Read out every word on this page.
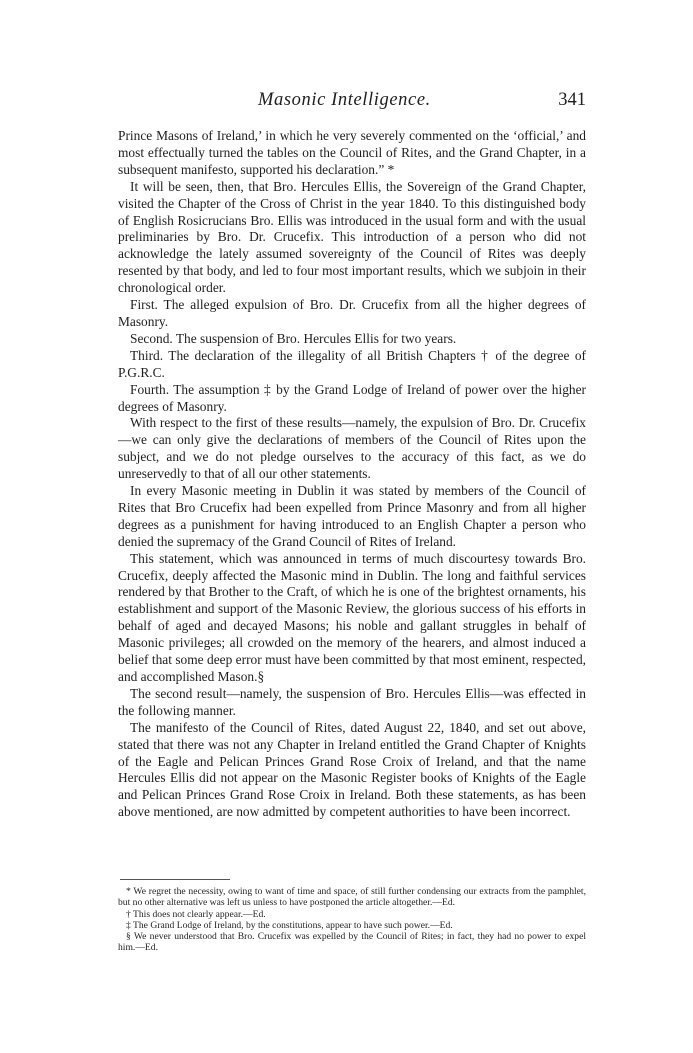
Masonic Intelligence.	341

Prince Masons of Ireland,’ in which he very severely commented on the ‘official,’ and most effectually turned the tables on the Council of Rites, and the Grand Chapter, in a subsequent manifesto, supported his declaration.” *

It will be seen, then, that Bro. Hercules Ellis, the Sovereign of the Grand Chapter, visited the Chapter of the Cross of Christ in the year 1840. To this distinguished body of English Rosicrucians Bro. Ellis was introduced in the usual form and with the usual preliminaries by Bro. Dr. Crucefix. This introduction of a person who did not acknowledge the lately assumed sovereignty of the Council of Rites was deeply resented by that body, and led to four most important results, which we subjoin in their chronological order.

First. The alleged expulsion of Bro. Dr. Crucefix from all the higher degrees of Masonry.

Second. The suspension of Bro. Hercules Ellis for two years.

Third. The declaration of the illegality of all British Chapters † of the degree of P.G.R.C.

Fourth. The assumption ‡ by the Grand Lodge of Ireland of power over the higher degrees of Masonry.

With respect to the first of these results—namely, the expulsion of Bro. Dr. Crucefix—we can only give the declarations of members of the Council of Rites upon the subject, and we do not pledge ourselves to the accuracy of this fact, as we do unreservedly to that of all our other statements.

In every Masonic meeting in Dublin it was stated by members of the Council of Rites that Bro Crucefix had been expelled from Prince Masonry and from all higher degrees as a punishment for having introduced to an English Chapter a person who denied the supremacy of the Grand Council of Rites of Ireland.

This statement, which was announced in terms of much discourtesy towards Bro. Crucefix, deeply affected the Masonic mind in Dublin. The long and faithful services rendered by that Brother to the Craft, of which he is one of the brightest ornaments, his establishment and support of the Masonic Review, the glorious success of his efforts in behalf of aged and decayed Masons; his noble and gallant struggles in behalf of Masonic privileges; all crowded on the memory of the hearers, and almost induced a belief that some deep error must have been committed by that most eminent, respected, and accomplished Mason.§

The second result—namely, the suspension of Bro. Hercules Ellis—was effected in the following manner.

The manifesto of the Council of Rites, dated August 22, 1840, and set out above, stated that there was not any Chapter in Ireland entitled the Grand Chapter of Knights of the Eagle and Pelican Princes Grand Rose Croix of Ireland, and that the name Hercules Ellis did not appear on the Masonic Register books of Knights of the Eagle and Pelican Princes Grand Rose Croix in Ireland. Both these statements, as has been above mentioned, are now admitted by competent authorities to have been incorrect.

* We regret the necessity, owing to want of time and space, of still further condensing our extracts from the pamphlet, but no other alternative was left us unless to have postponed the article altogether.—Ed.

† This does not clearly appear.—Ed.

‡ The Grand Lodge of Ireland, by the constitutions, appear to have such power.—Ed.

§ We never understood that Bro. Crucefix was expelled by the Council of Rites; in fact, they had no power to expel him.—Ed.
